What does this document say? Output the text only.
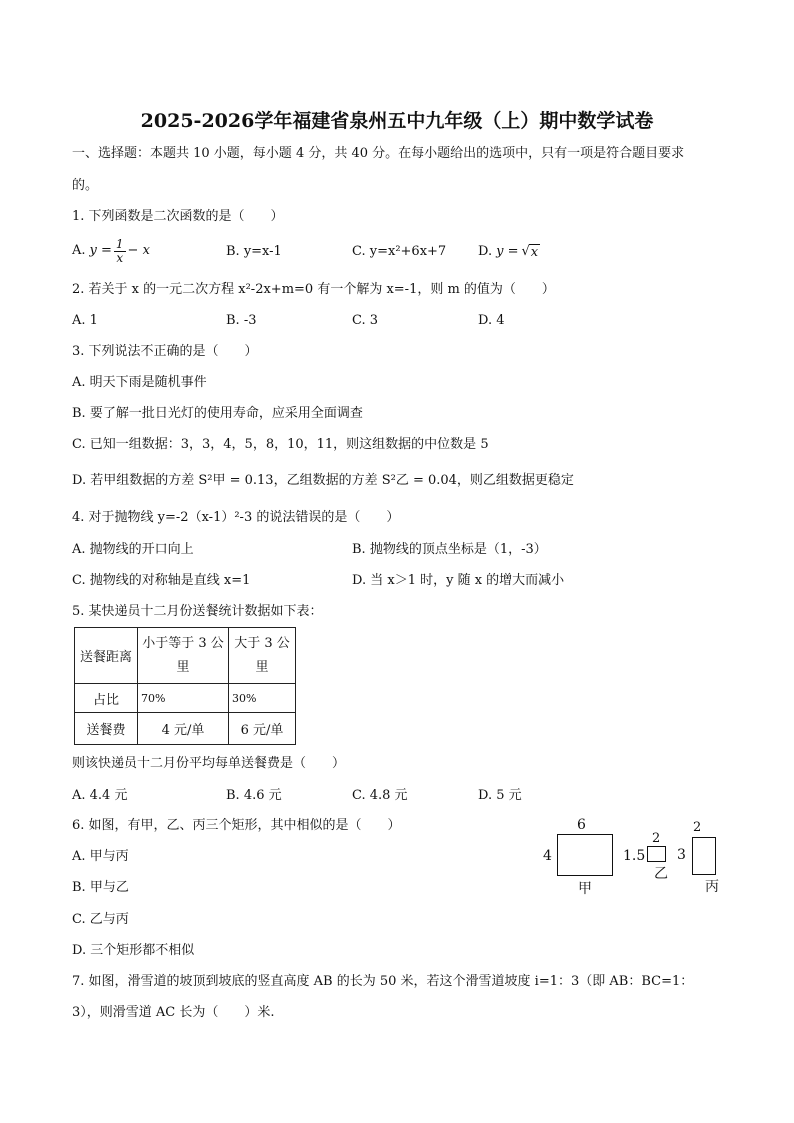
2025-2026学年福建省泉州五中九年级（上）期中数学试卷
一、选择题：本题共 10 小题，每小题 4 分，共 40 分。在每小题给出的选项中，只有一项是符合题目要求
的。
1. 下列函数是二次函数的是（　　）
A. $y = \frac{1}{x} - x$	B. y=x-1	C. y=x²+6x+7 D. y = √ x
2. 若关于 x 的一元二次方程 x²-2x+m=0 有一个解为 x=-1，则 m 的值为（　　）
A. 1	B. -3	C. 3	D. 4
3. 下列说法不正确的是（　　）
A. 明天下雨是随机事件
B. 要了解一批日光灯的使用寿命，应采用全面调查
C. 已知一组数据：3，3，4，5，8，10，11，则这组数据的中位数是 5
D. 若甲组数据的方差 S²甲 = 0.13，乙组数据的方差 S²乙 = 0.04，则乙组数据更稳定
4. 对于抛物线 y=-2（x-1）²-3 的说法错误的是（　　）
A. 抛物线的开口向上	B. 抛物线的顶点坐标是（1，-3）
C. 抛物线的对称轴是直线 x=1	D. 当 x＞1 时，y 随 x 的增大而减小
5. 某快递员十二月份送餐统计数据如下表：
送餐距离	小于等于 3 公里	大于 3 公里
占比	70%	30%
送餐费	4 元/单	6 元/单
则该快递员十二月份平均每单送餐费是（　　）
A. 4.4 元	B. 4.6 元	C. 4.8 元	D. 5 元
6. 如图，有甲，乙、丙三个矩形，其中相似的是（　　）
A. 甲与丙
B. 甲与乙
C. 乙与丙
D. 三个矩形都不相似
6
4
甲
2
1.5
乙
2
3
丙
7. 如图，滑雪道的坡顶到坡底的竖直高度 AB 的长为 50 米，若这个滑雪道坡度 i=1：3（即 AB：BC=1：
3），则滑雪道 AC 长为（　　）米.
